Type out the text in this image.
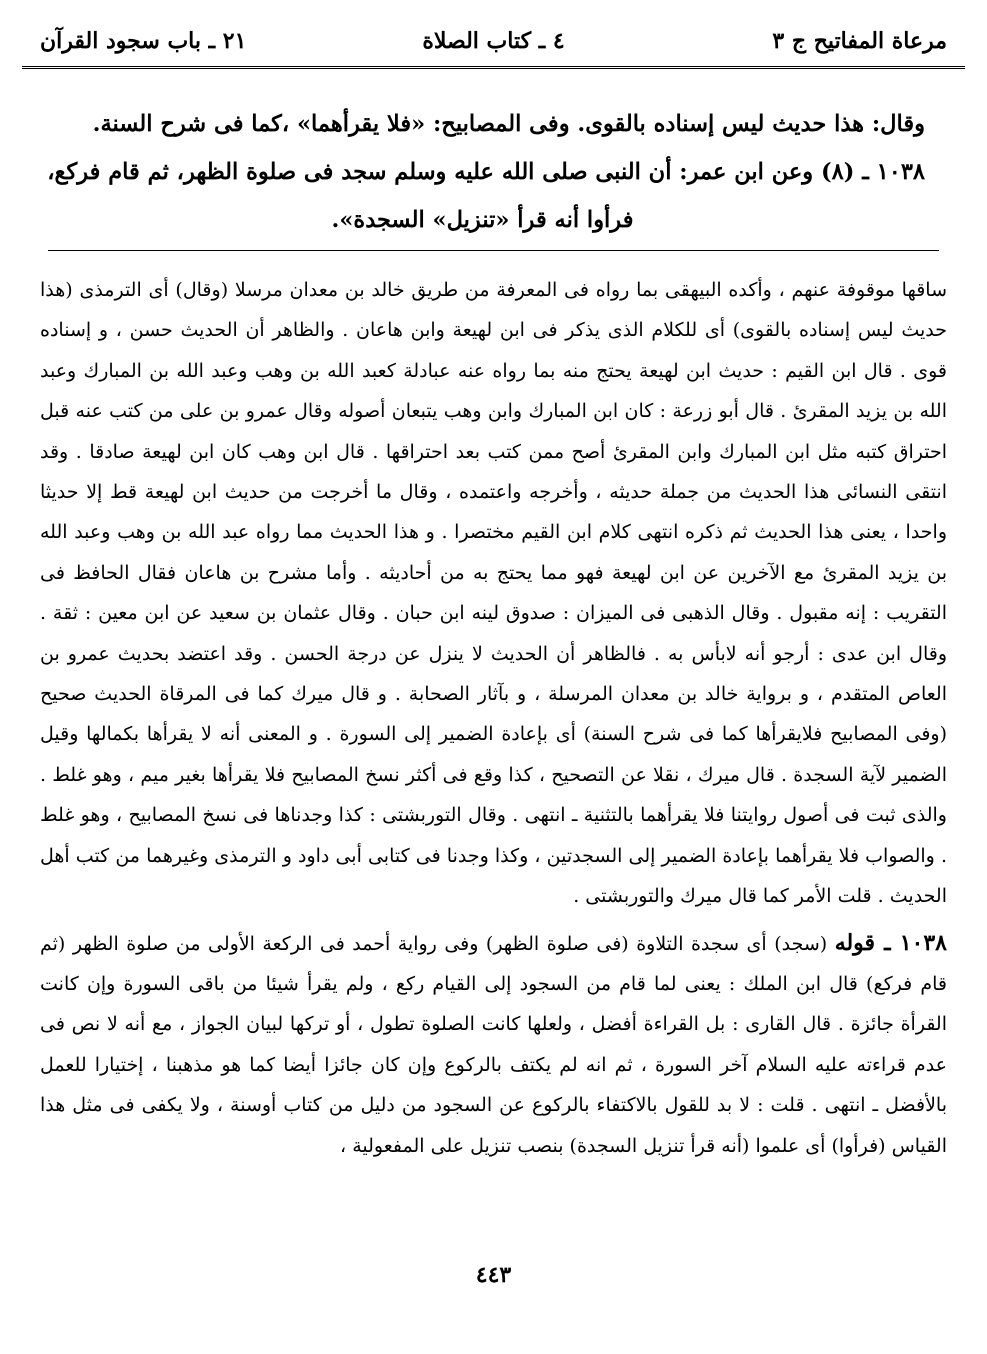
مرعاة المفاتيح ج ٣
٤ ـ كتاب الصلاة
٢١ ـ باب سجود القرآن

وقال: هذا حديث ليس إسناده بالقوى. وفى المصابيح: «فلا يقرأهما» ،كما فى شرح السنة.

١٠٣٨ ـ (٨) وعن ابن عمر: أن النبى صلى الله عليه وسلم سجد فى صلوة الظهر، ثم قام فركع،

فرأوا أنه قرأ «تنزيل» السجدة».

ساقها موقوفة عنهم ، وأكده البيهقى بما رواه فى المعرفة من طريق خالد بن معدان مرسلا (وقال) أى الترمذى (هذا حديث ليس إسناده بالقوى) أى للكلام الذى يذكر فى ابن لهيعة وابن هاعان . والظاهر أن الحديث حسن ، و إسناده قوى . قال ابن القيم : حديث ابن لهيعة يحتج منه بما رواه عنه عبادلة كعبد الله بن وهب وعبد الله بن المبارك وعبد الله بن يزيد المقرئ . قال أبو زرعة : كان ابن المبارك وابن وهب يتبعان أصوله وقال عمرو بن على من كتب عنه قبل احتراق كتبه مثل ابن المبارك وابن المقرئ أصح ممن كتب بعد احتراقها . قال ابن وهب كان ابن لهيعة صادقا . وقد انتقى النسائى هذا الحديث من جملة حديثه ، وأخرجه واعتمده ، وقال ما أخرجت من حديث ابن لهيعة قط إلا حديثا واحدا ، يعنى هذا الحديث ثم ذكره انتهى كلام ابن القيم مختصرا . و هذا الحديث مما رواه عبد الله بن وهب وعبد الله بن يزيد المقرئ مع الآخرين عن ابن لهيعة فهو مما يحتج به من أحاديثه . وأما مشرح بن هاعان فقال الحافظ فى التقريب : إنه مقبول . وقال الذهبى فى الميزان : صدوق لينه ابن حبان . وقال عثمان بن سعيد عن ابن معين : ثقة . وقال ابن عدى : أرجو أنه لابأس به . فالظاهر أن الحديث لا ينزل عن درجة الحسن . وقد اعتضد بحديث عمرو بن العاص المتقدم ، و برواية خالد بن معدان المرسلة ، و بآثار الصحابة . و قال ميرك كما فى المرقاة الحديث صحيح (وفى المصابيح فلايقرأها كما فى شرح السنة) أى بإعادة الضمير إلى السورة . و المعنى أنه لا يقرأها بكمالها وقيل الضمير لآية السجدة . قال ميرك ، نقلا عن التصحيح ، كذا وقع فى أكثر نسخ المصابيح فلا يقرأها بغير ميم ، وهو غلط . والذى ثبت فى أصول روايتنا فلا يقرأهما بالتثنية ـ انتهى . وقال التوربشتى : كذا وجدناها فى نسخ المصابيح ، وهو غلط . والصواب فلا يقرأهما بإعادة الضمير إلى السجدتين ، وكذا وجدنا فى كتابى أبى داود و الترمذى وغيرهما من كتب أهل الحديث . قلت الأمر كما قال ميرك والتوربشتى .

١٠٣٨ ـ قوله (سجد) أى سجدة التلاوة (فى صلوة الظهر) وفى رواية أحمد فى الركعة الأولى من صلوة الظهر (ثم قام فركع) قال ابن الملك : يعنى لما قام من السجود إلى القيام ركع ، ولم يقرأ شيئا من باقى السورة وإن كانت القرأة جائزة . قال القارى : بل القراءة أفضل ، ولعلها كانت الصلوة تطول ، أو تركها لبيان الجواز ، مع أنه لا نص فى عدم قراءته عليه السلام آخر السورة ، ثم انه لم يكتف بالركوع وإن كان جائزا أيضا كما هو مذهبنا ، إختيارا للعمل بالأفضل ـ انتهى . قلت : لا بد للقول بالاكتفاء بالركوع عن السجود من دليل من كتاب أوسنة ، ولا يكفى فى مثل هذا القياس (فرأوا) أى علموا (أنه قرأ تنزيل السجدة) بنصب تنزيل على المفعولية ،

٤٤٣
